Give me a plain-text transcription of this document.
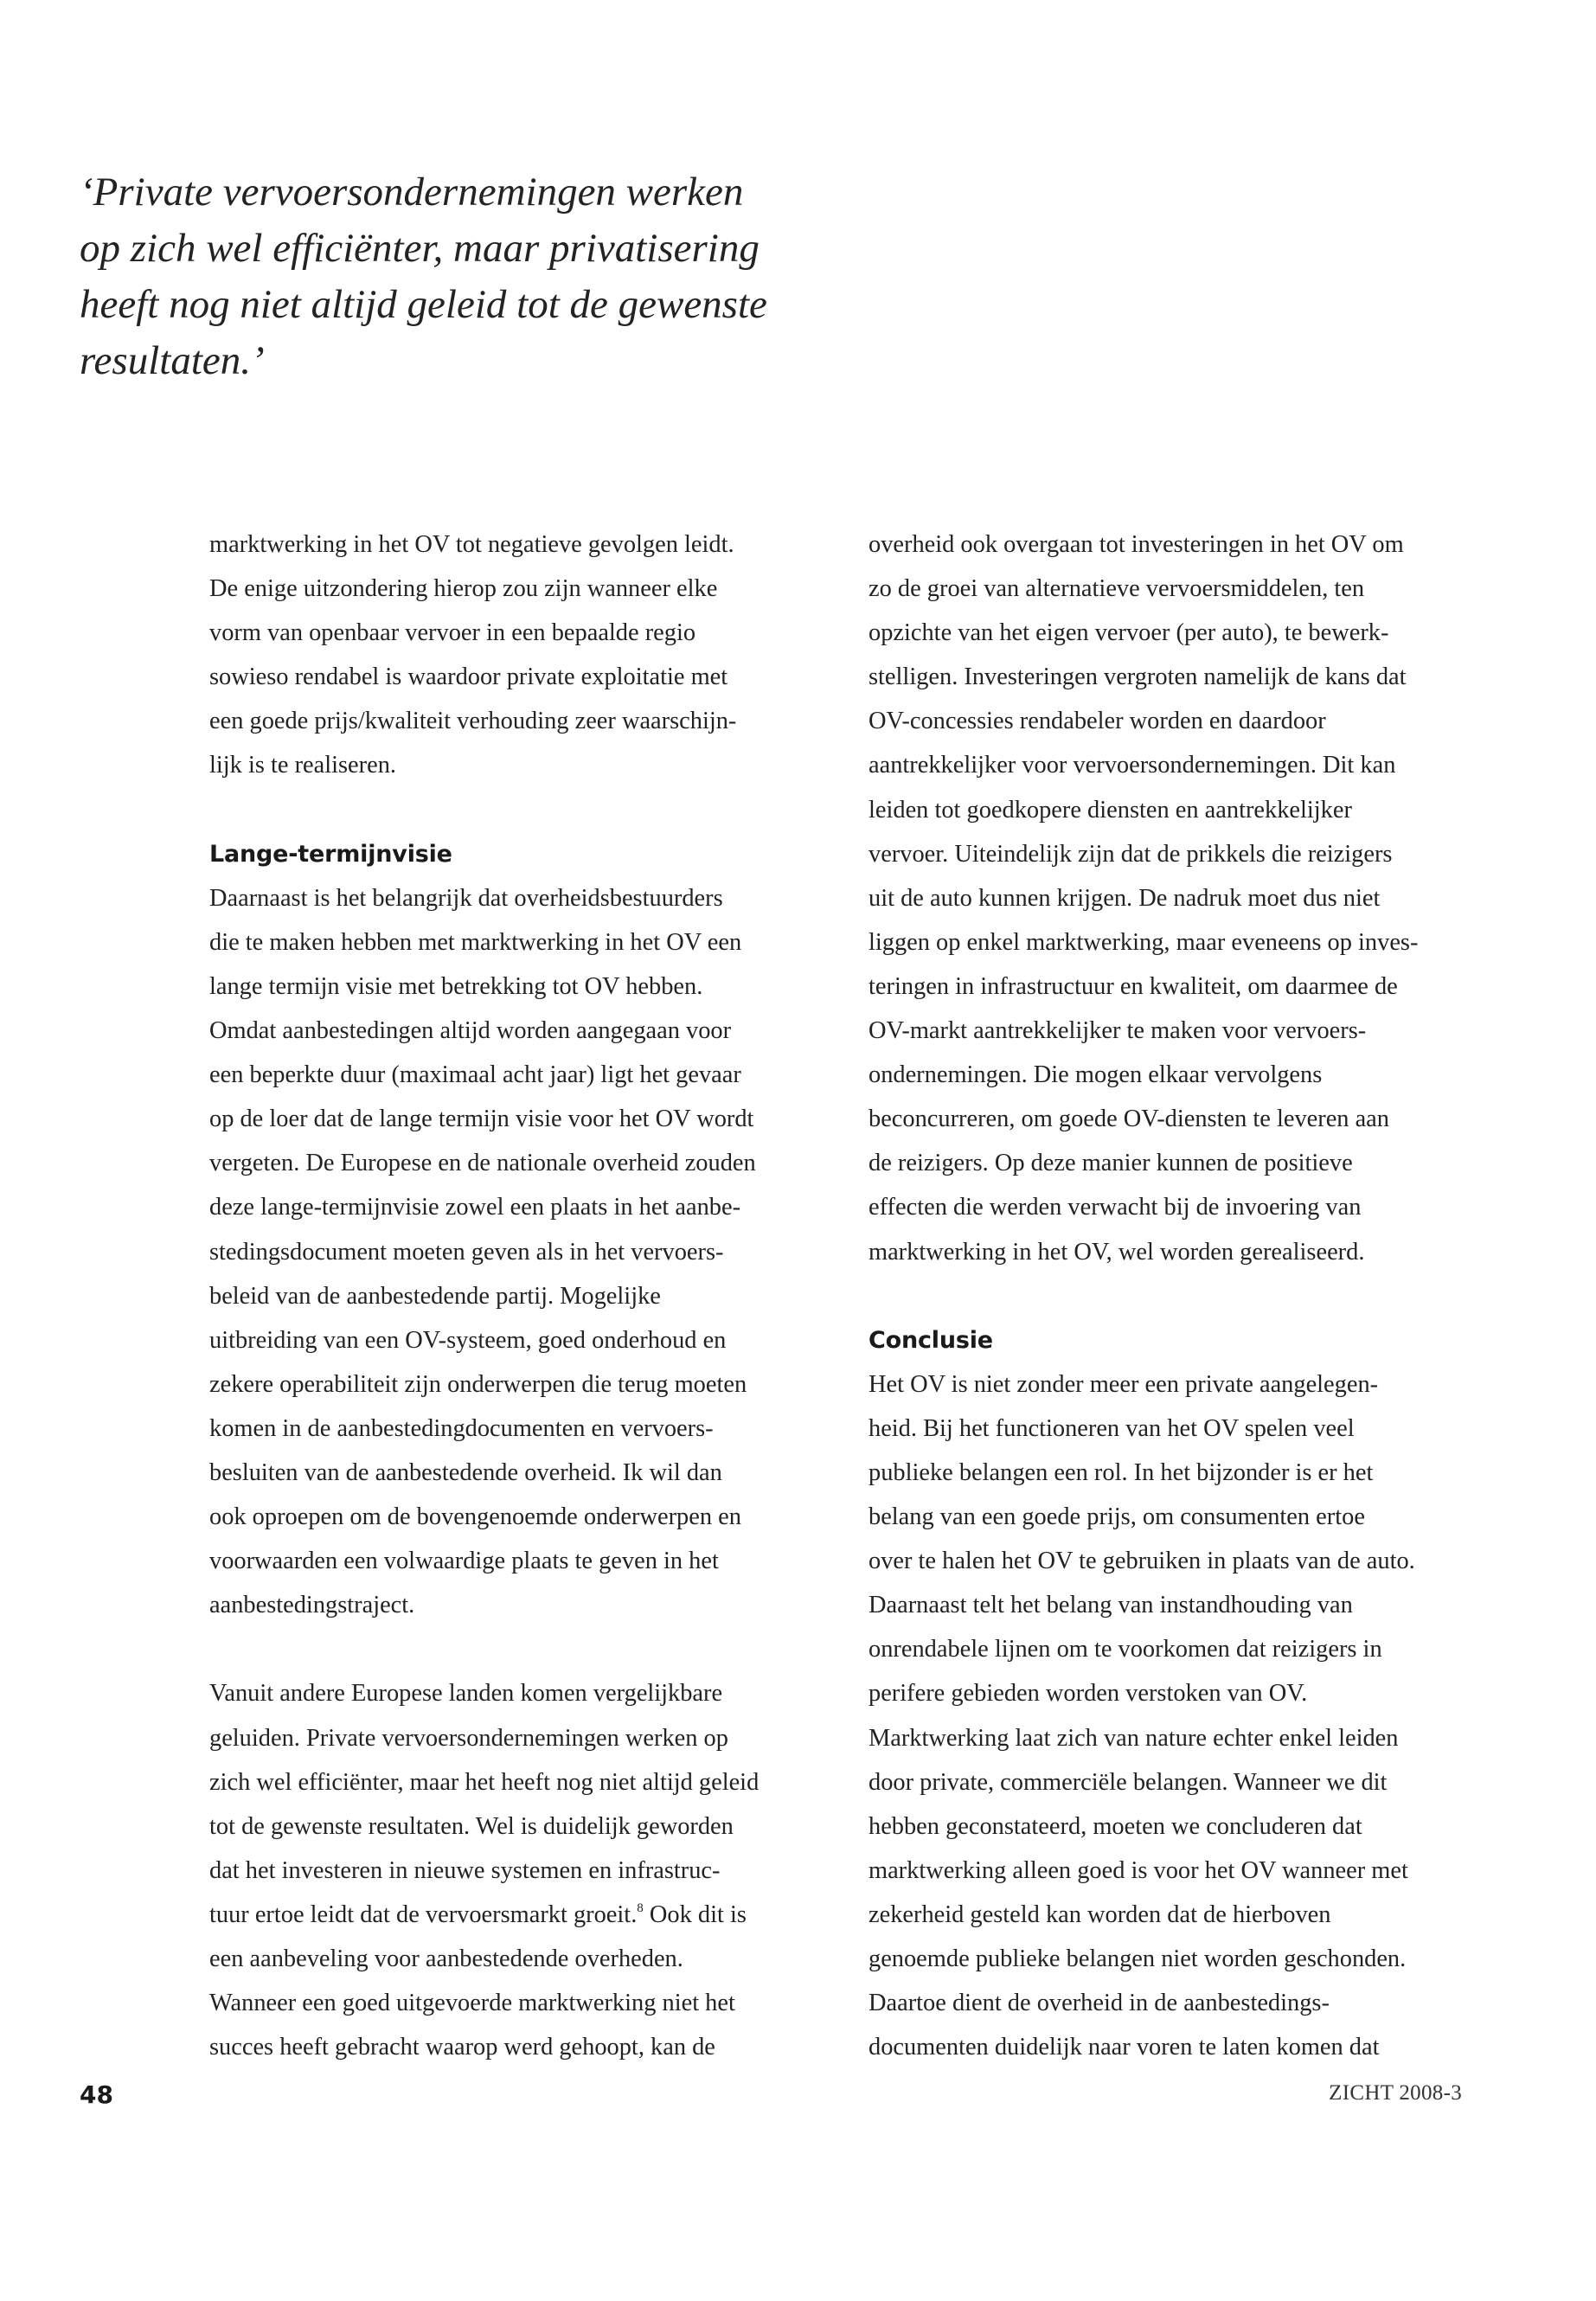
‘Private vervoersondernemingen werken
op zich wel efficiënter, maar privatisering
heeft nog niet altijd geleid tot de gewenste
resultaten.’
marktwerking in het OV tot negatieve gevolgen leidt.
De enige uitzondering hierop zou zijn wanneer elke
vorm van openbaar vervoer in een bepaalde regio
sowieso rendabel is waardoor private exploitatie met
een goede prijs/kwaliteit verhouding zeer waarschijn-
lijk is te realiseren.
Lange-termijnvisie
Daarnaast is het belangrijk dat overheidsbestuurders
die te maken hebben met marktwerking in het OV een
lange termijn visie met betrekking tot OV hebben.
Omdat aanbestedingen altijd worden aangegaan voor
een beperkte duur (maximaal acht jaar) ligt het gevaar
op de loer dat de lange termijn visie voor het OV wordt
vergeten. De Europese en de nationale overheid zouden
deze lange-termijnvisie zowel een plaats in het aanbe-
stedingsdocument moeten geven als in het vervoers-
beleid van de aanbestedende partij. Mogelijke
uitbreiding van een OV-systeem, goed onderhoud en
zekere operabiliteit zijn onderwerpen die terug moeten
komen in de aanbestedingdocumenten en vervoers-
besluiten van de aanbestedende overheid. Ik wil dan
ook oproepen om de bovengenoemde onderwerpen en
voorwaarden een volwaardige plaats te geven in het
aanbestedingstraject.
Vanuit andere Europese landen komen vergelijkbare
geluiden. Private vervoersondernemingen werken op
zich wel efficiënter, maar het heeft nog niet altijd geleid
tot de gewenste resultaten. Wel is duidelijk geworden
dat het investeren in nieuwe systemen en infrastruc-
tuur ertoe leidt dat de vervoersmarkt groeit.$^8$ Ook dit is
een aanbeveling voor aanbestedende overheden.
Wanneer een goed uitgevoerde marktwerking niet het
succes heeft gebracht waarop werd gehoopt, kan de
overheid ook overgaan tot investeringen in het OV om
zo de groei van alternatieve vervoersmiddelen, ten
opzichte van het eigen vervoer (per auto), te bewerk-
stelligen. Investeringen vergroten namelijk de kans dat
OV-concessies rendabeler worden en daardoor
aantrekkelijker voor vervoersondernemingen. Dit kan
leiden tot goedkopere diensten en aantrekkelijker
vervoer. Uiteindelijk zijn dat de prikkels die reizigers
uit de auto kunnen krijgen. De nadruk moet dus niet
liggen op enkel marktwerking, maar eveneens op inves-
teringen in infrastructuur en kwaliteit, om daarmee de
OV-markt aantrekkelijker te maken voor vervoers-
ondernemingen. Die mogen elkaar vervolgens
beconcurreren, om goede OV-diensten te leveren aan
de reizigers. Op deze manier kunnen de positieve
effecten die werden verwacht bij de invoering van
marktwerking in het OV, wel worden gerealiseerd.
Conclusie
Het OV is niet zonder meer een private aangelegen-
heid. Bij het functioneren van het OV spelen veel
publieke belangen een rol. In het bijzonder is er het
belang van een goede prijs, om consumenten ertoe
over te halen het OV te gebruiken in plaats van de auto.
Daarnaast telt het belang van instandhouding van
onrendabele lijnen om te voorkomen dat reizigers in
perifere gebieden worden verstoken van OV.
Marktwerking laat zich van nature echter enkel leiden
door private, commerciële belangen. Wanneer we dit
hebben geconstateerd, moeten we concluderen dat
marktwerking alleen goed is voor het OV wanneer met
zekerheid gesteld kan worden dat de hierboven
genoemde publieke belangen niet worden geschonden.
Daartoe dient de overheid in de aanbestedings-
documenten duidelijk naar voren te laten komen dat
48	ZICHT 2008-3
